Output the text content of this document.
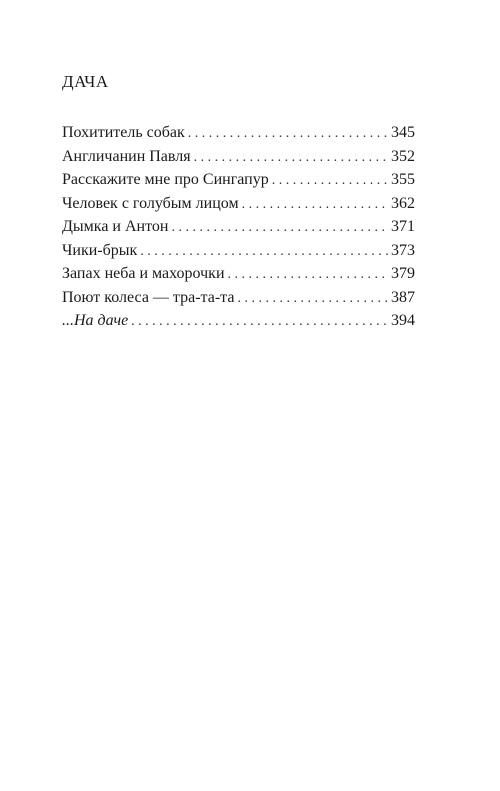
ДАЧА
Похититель собак . . .	345
Англичанин Павля . . .	352
Расскажите мне про Сингапур . . .	355
Человек с голубым лицом . . .	362
Дымка и Антон . . .	371
Чики-брык . . .	373
Запах неба и махорочки . . .	379
Поют колеса — тра-та-та . . .	387
...На даче . . .	394
